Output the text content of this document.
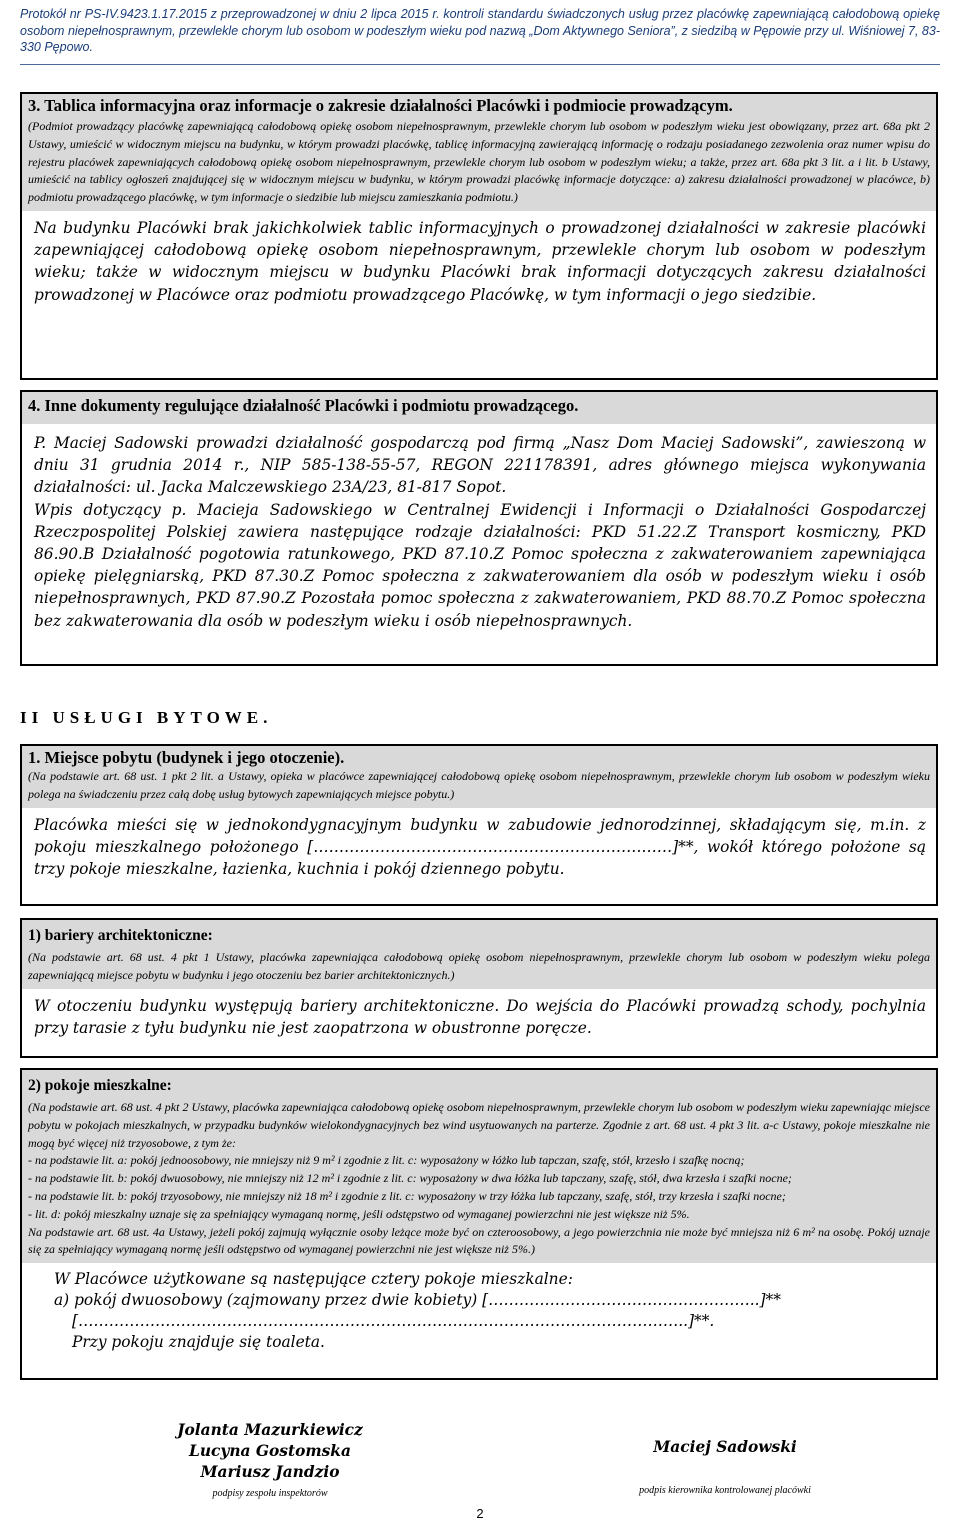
Protokół nr PS-IV.9423.1.17.2015 z przeprowadzonej w dniu 2 lipca 2015 r. kontroli standardu świadczonych usług przez placówkę zapewniającą całodobową opiekę osobom niepełnosprawnym, przewlekle chorym lub osobom w podeszłym wieku pod nazwą „Dom Aktywnego Seniora”, z siedzibą w Pępowie przy ul. Wiśniowej 7, 83-330 Pępowo.
3. Tablica informacyjna oraz informacje o zakresie działalności Placówki i podmiocie prowadzącym.
(Podmiot prowadzący placówkę zapewniającą całodobową opiekę osobom niepełnosprawnym, przewlekle chorym lub osobom w podeszłym wieku jest obowiązany, przez art. 68a pkt 2 Ustawy, umieścić w widocznym miejscu na budynku, w którym prowadzi placówkę, tablicę informacyjną zawierającą informację o rodzaju posiadanego zezwolenia oraz numer wpisu do rejestru placówek zapewniających całodobową opiekę osobom niepełnosprawnym, przewlekle chorym lub osobom w podeszłym wieku; a także, przez art. 68a pkt 3 lit. a i lit. b Ustawy, umieścić na tablicy ogłoszeń znajdującej się w widocznym miejscu w budynku, w którym prowadzi placówkę informacje dotyczące: a) zakresu działalności prowadzonej w placówce, b) podmiotu prowadzącego placówkę, w tym informacje o siedzibie lub miejscu zamieszkania podmiotu.)
Na budynku Placówki brak jakichkolwiek tablic informacyjnych o prowadzonej działalności w zakresie placówki zapewniającej całodobową opiekę osobom niepełnosprawnym, przewlekle chorym lub osobom w podeszłym wieku; także w widocznym miejscu w budynku Placówki brak informacji dotyczących zakresu działalności prowadzonej w Placówce oraz podmiotu prowadzącego Placówkę, w tym informacji o jego siedzibie.
4. Inne dokumenty regulujące działalność Placówki i podmiotu prowadzącego.
P. Maciej Sadowski prowadzi działalność gospodarczą pod firmą „Nasz Dom Maciej Sadowski”, zawieszoną w dniu 31 grudnia 2014 r., NIP 585-138-55-57, REGON 221178391, adres głównego miejsca wykonywania działalności: ul. Jacka Malczewskiego 23A/23, 81-817 Sopot.
Wpis dotyczący p. Macieja Sadowskiego w Centralnej Ewidencji i Informacji o Działalności Gospodarczej Rzeczpospolitej Polskiej zawiera następujące rodzaje działalności: PKD 51.22.Z Transport kosmiczny, PKD 86.90.B Działalność pogotowia ratunkowego, PKD 87.10.Z Pomoc społeczna z zakwaterowaniem zapewniająca opiekę pielęgniarską, PKD 87.30.Z Pomoc społeczna z zakwaterowaniem dla osób w podeszłym wieku i osób niepełnosprawnych, PKD 87.90.Z Pozostała pomoc społeczna z zakwaterowaniem, PKD 88.70.Z Pomoc społeczna bez zakwaterowania dla osób w podeszłym wieku i osób niepełnosprawnych.
II USŁUGI BYTOWE.
1. Miejsce pobytu (budynek i jego otoczenie).
(Na podstawie art. 68 ust. 1 pkt 2 lit. a Ustawy, opieka w placówce zapewniającej całodobową opiekę osobom niepełnosprawnym, przewlekle chorym lub osobom w podeszłym wieku polega na świadczeniu przez całą dobę usług bytowych zapewniających miejsce pobytu.)
Placówka mieści się w jednokondygnacyjnym budynku w zabudowie jednorodzinnej, składającym się, m.in. z pokoju mieszkalnego położonego [……………………………………………………….……]**, wokół którego położone są trzy pokoje mieszkalne, łazienka, kuchnia i pokój dziennego pobytu.
1) bariery architektoniczne:
(Na podstawie art. 68 ust. 4 pkt 1 Ustawy, placówka zapewniająca całodobową opiekę osobom niepełnosprawnym, przewlekle chorym lub osobom w podeszłym wieku polega zapewniającą miejsce pobytu w budynku i jego otoczeniu bez barier architektonicznych.)
W otoczeniu budynku występują bariery architektoniczne. Do wejścia do Placówki prowadzą schody, pochylnia przy tarasie z tyłu budynku nie jest zaopatrzona w obustronne poręcze.
2) pokoje mieszkalne:
(Na podstawie art. 68 ust. 4 pkt 2 Ustawy, placówka zapewniająca całodobową opiekę osobom niepełnosprawnym, przewlekle chorym lub osobom w podeszłym wieku zapewniając miejsce pobytu w pokojach mieszkalnych, w przypadku budynków wielokondygnacyjnych bez wind usytuowanych na parterze. Zgodnie z art. 68 ust. 4 pkt 3 lit. a-c Ustawy, pokoje mieszkalne nie mogą być więcej niż trzyosobowe, z tym że:
- na podstawie lit. a: pokój jednoosobowy, nie mniejszy niż 9 m² i zgodnie z lit. c: wyposażony w łóżko lub tapczan, szafę, stół, krzesło i szafkę nocną;
- na podstawie lit. b: pokój dwuosobowy, nie mniejszy niż 12 m² i zgodnie z lit. c: wyposażony w dwa łóżka lub tapczany, szafę, stół, dwa krzesła i szafki nocne;
- na podstawie lit. b: pokój trzyosobowy, nie mniejszy niż 18 m² i zgodnie z lit. c: wyposażony w trzy łóżka lub tapczany, szafę, stół, trzy krzesła i szafki nocne;
- lit. d: pokój mieszkalny uznaje się za spełniający wymaganą normę, jeśli odstępstwo od wymaganej powierzchni nie jest większe niż 5%.
Na podstawie art. 68 ust. 4a Ustawy, jeżeli pokój zajmują wyłącznie osoby leżące może być on czteroosobowy, a jego powierzchnia nie może być mniejsza niż 6 m² na osobę. Pokój uznaje się za spełniający wymaganą normę jeśli odstępstwo od wymaganej powierzchni nie jest większe niż 5%.)
W Placówce użytkowane są następujące cztery pokoje mieszkalne:
a) pokój dwuosobowy (zajmowany przez dwie kobiety) [……………………………………………..]**
[………………………………………………………………………………………………………..]**.
Przy pokoju znajduje się toaleta.
Jolanta Mazurkiewicz
Lucyna Gostomska
Mariusz Jandzio
podpisy zespołu inspektorów
Maciej Sadowski
podpis kierownika kontrolowanej placówki
2
